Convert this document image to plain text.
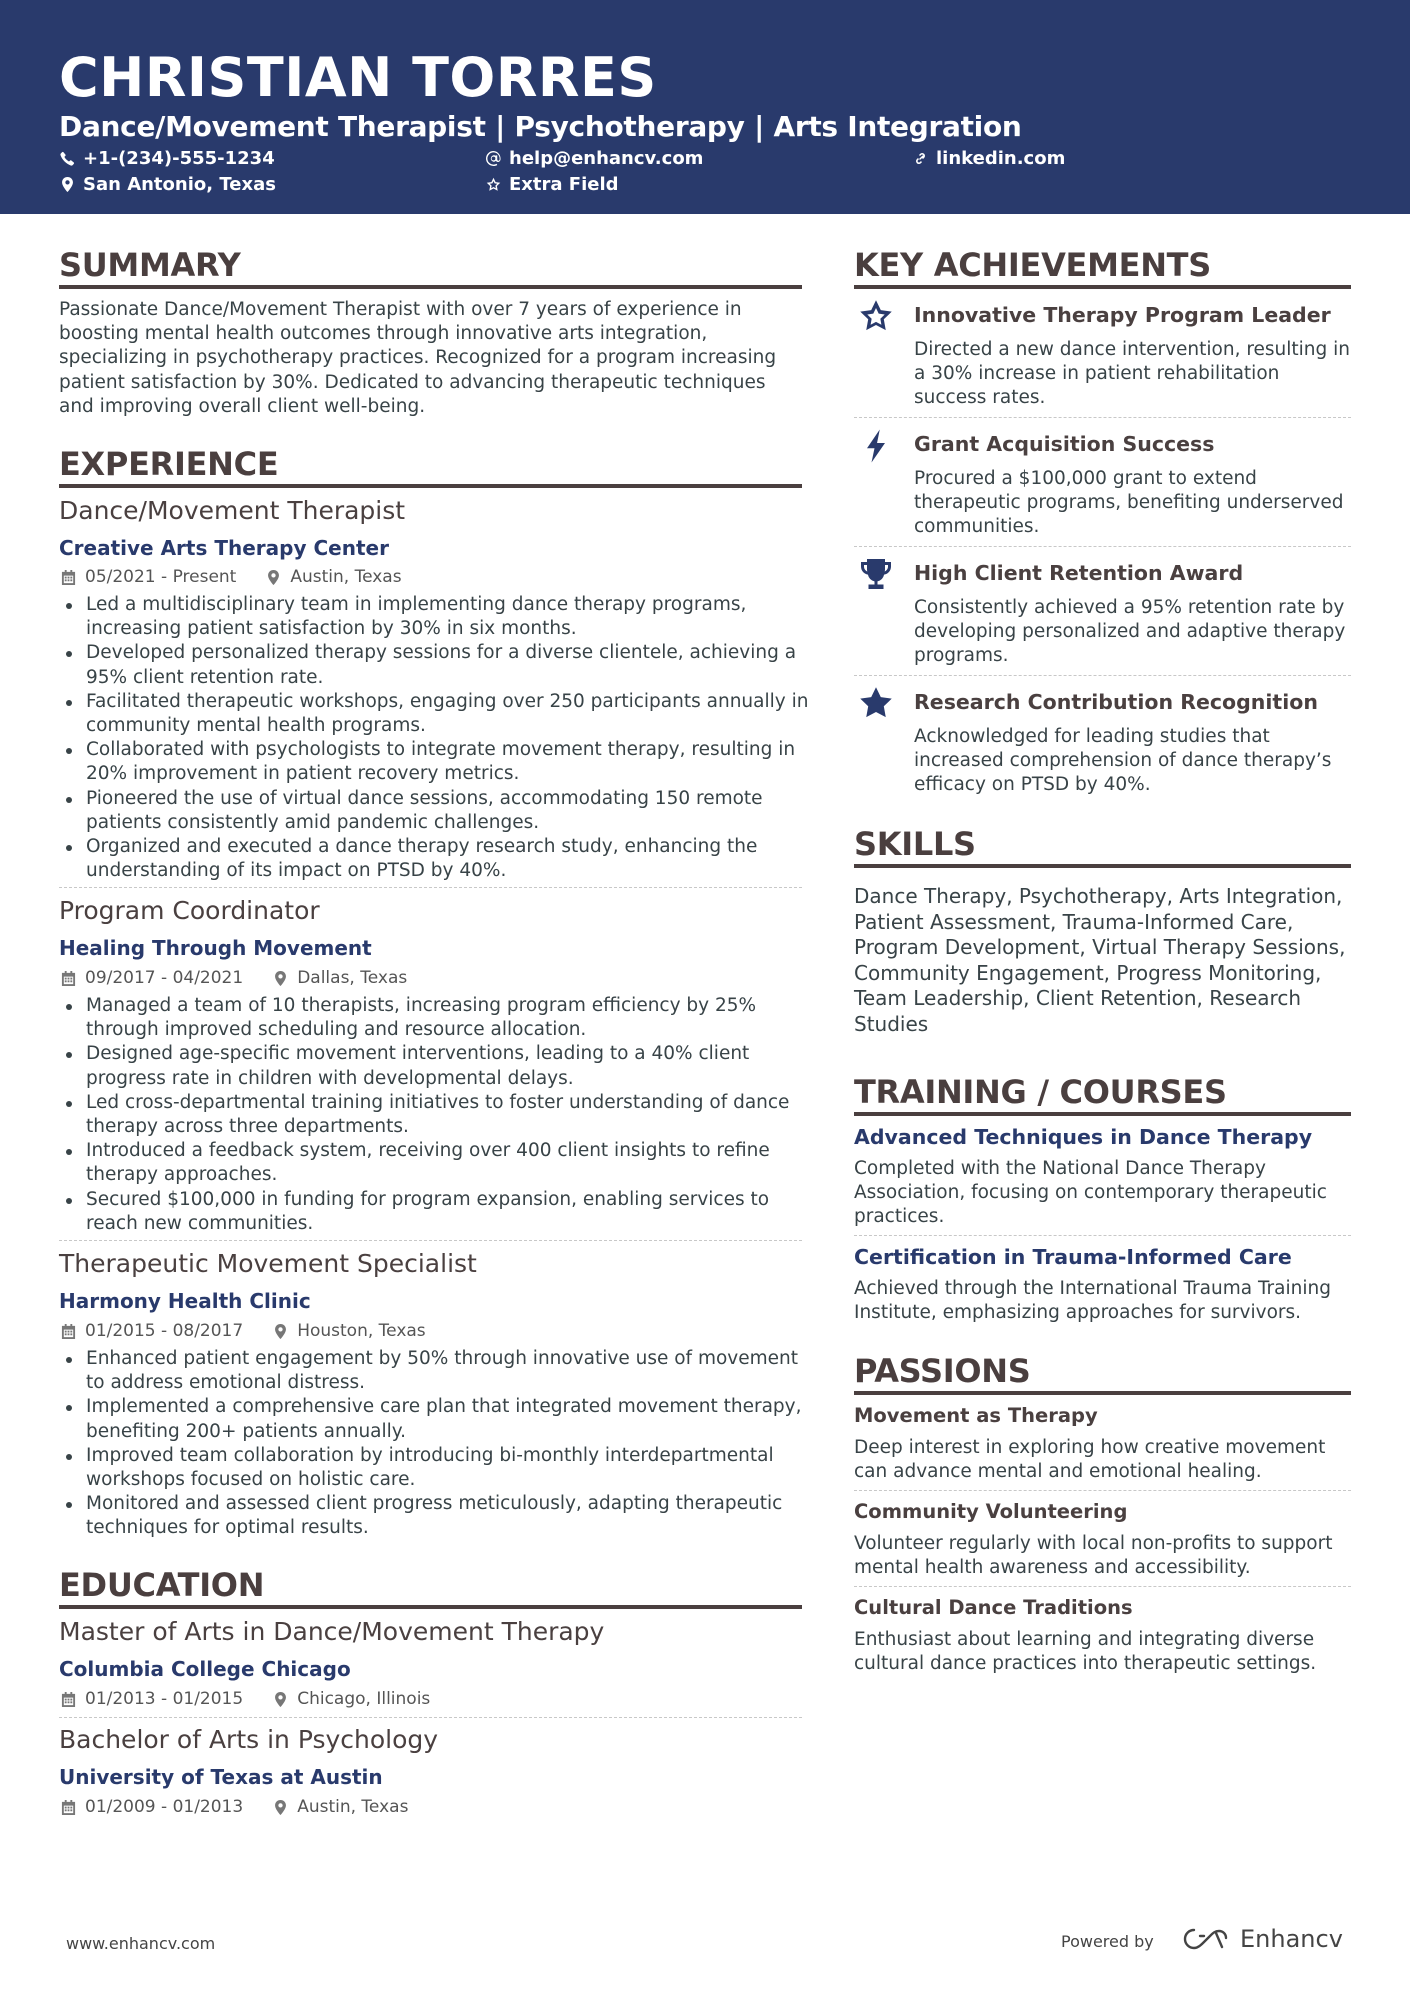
CHRISTIAN TORRES
Dance/Movement Therapist | Psychotherapy | Arts Integration
+1-(234)-555-1234	help@enhancv.com	linkedin.com
San Antonio, Texas	Extra Field
SUMMARY
Passionate Dance/Movement Therapist with over 7 years of experience in boosting mental health outcomes through innovative arts integration, specializing in psychotherapy practices. Recognized for a program increasing patient satisfaction by 30%. Dedicated to advancing therapeutic techniques and improving overall client well-being.
EXPERIENCE
Dance/Movement Therapist
Creative Arts Therapy Center
05/2021 - Present	Austin, Texas
Led a multidisciplinary team in implementing dance therapy programs, increasing patient satisfaction by 30% in six months.
Developed personalized therapy sessions for a diverse clientele, achieving a 95% client retention rate.
Facilitated therapeutic workshops, engaging over 250 participants annually in community mental health programs.
Collaborated with psychologists to integrate movement therapy, resulting in 20% improvement in patient recovery metrics.
Pioneered the use of virtual dance sessions, accommodating 150 remote patients consistently amid pandemic challenges.
Organized and executed a dance therapy research study, enhancing the understanding of its impact on PTSD by 40%.
Program Coordinator
Healing Through Movement
09/2017 - 04/2021	Dallas, Texas
Managed a team of 10 therapists, increasing program efficiency by 25% through improved scheduling and resource allocation.
Designed age-specific movement interventions, leading to a 40% client progress rate in children with developmental delays.
Led cross-departmental training initiatives to foster understanding of dance therapy across three departments.
Introduced a feedback system, receiving over 400 client insights to refine therapy approaches.
Secured $100,000 in funding for program expansion, enabling services to reach new communities.
Therapeutic Movement Specialist
Harmony Health Clinic
01/2015 - 08/2017	Houston, Texas
Enhanced patient engagement by 50% through innovative use of movement to address emotional distress.
Implemented a comprehensive care plan that integrated movement therapy, benefiting 200+ patients annually.
Improved team collaboration by introducing bi-monthly interdepartmental workshops focused on holistic care.
Monitored and assessed client progress meticulously, adapting therapeutic techniques for optimal results.
EDUCATION
Master of Arts in Dance/Movement Therapy
Columbia College Chicago
01/2013 - 01/2015	Chicago, Illinois
Bachelor of Arts in Psychology
University of Texas at Austin
01/2009 - 01/2013	Austin, Texas
KEY ACHIEVEMENTS
Innovative Therapy Program Leader
Directed a new dance intervention, resulting in a 30% increase in patient rehabilitation success rates.
Grant Acquisition Success
Procured a $100,000 grant to extend therapeutic programs, benefiting underserved communities.
High Client Retention Award
Consistently achieved a 95% retention rate by developing personalized and adaptive therapy programs.
Research Contribution Recognition
Acknowledged for leading studies that increased comprehension of dance therapy’s efficacy on PTSD by 40%.
SKILLS
Dance Therapy, Psychotherapy, Arts Integration, Patient Assessment, Trauma-Informed Care, Program Development, Virtual Therapy Sessions, Community Engagement, Progress Monitoring, Team Leadership, Client Retention, Research Studies
TRAINING / COURSES
Advanced Techniques in Dance Therapy
Completed with the National Dance Therapy Association, focusing on contemporary therapeutic practices.
Certification in Trauma-Informed Care
Achieved through the International Trauma Training Institute, emphasizing approaches for survivors.
PASSIONS
Movement as Therapy
Deep interest in exploring how creative movement can advance mental and emotional healing.
Community Volunteering
Volunteer regularly with local non-profits to support mental health awareness and accessibility.
Cultural Dance Traditions
Enthusiast about learning and integrating diverse cultural dance practices into therapeutic settings.
www.enhancv.com	Powered by	Enhancv
